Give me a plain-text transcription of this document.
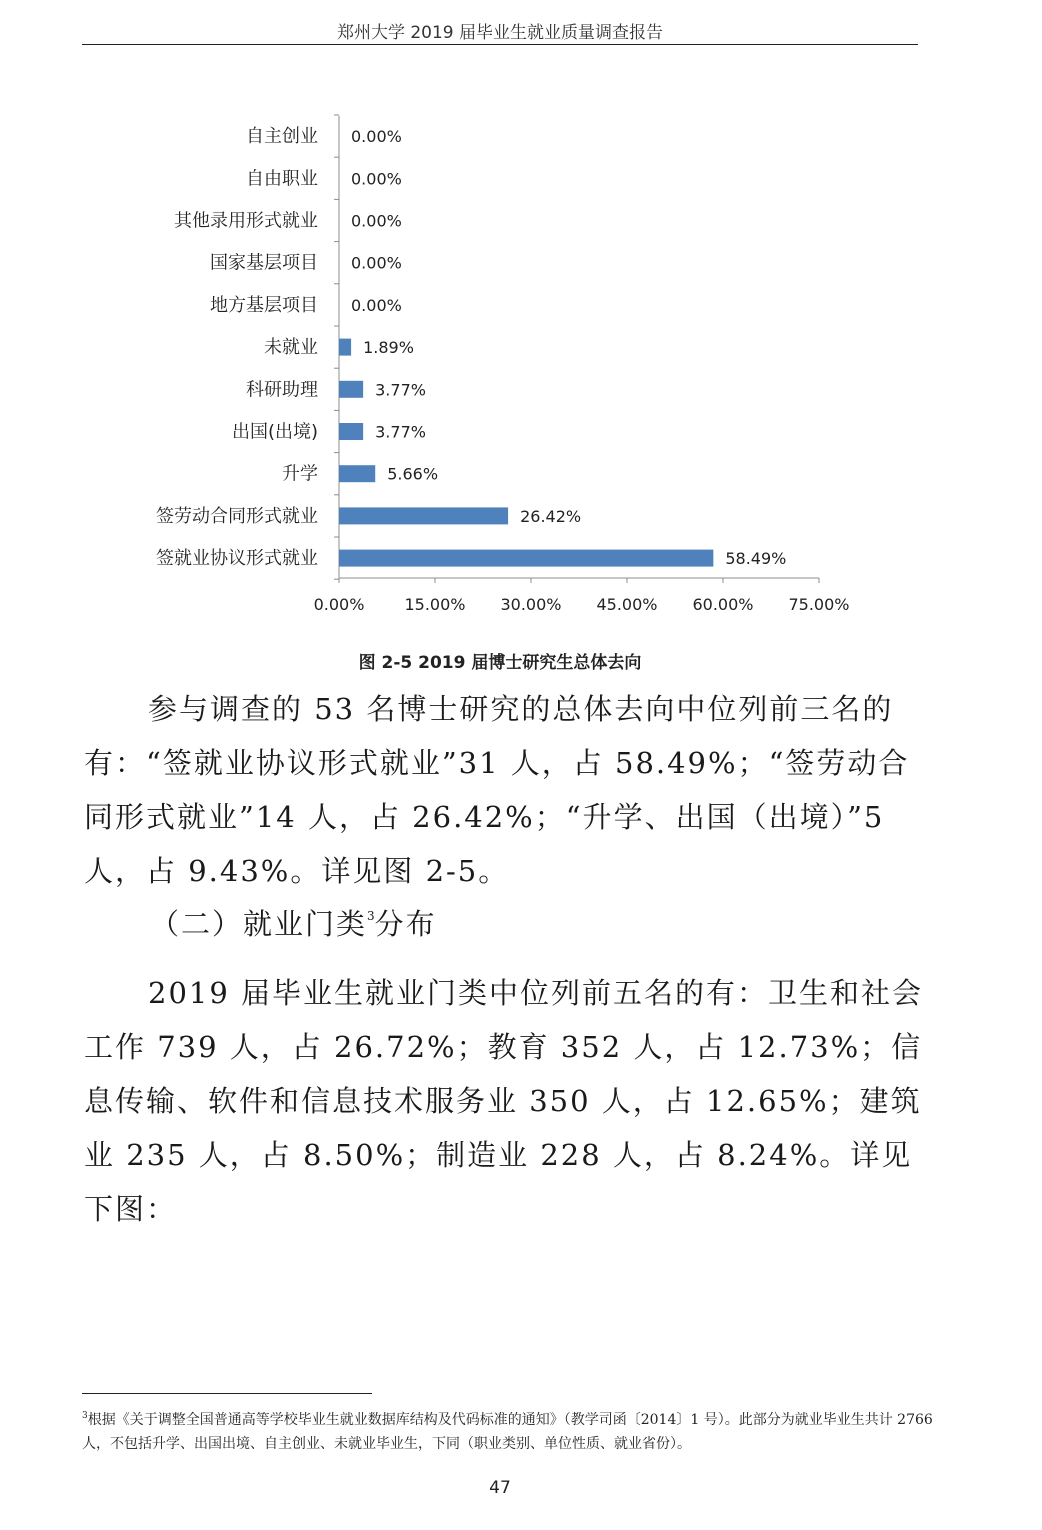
郑州大学 2019 届毕业生就业质量调查报告
0.00%	15.00% 30.00% 45.00% 60.00% 75.00%
自主创业 0.00%
自由职业 0.00%
其他录用形式就业 0.00%
国家基层项目 0.00%
地方基层项目 0.00%
未就业	1.89%
科研助理	3.77%
出国(出境)	3.77%
升学	5.66%
签劳动合同形式就业	26.42%
签就业协议形式就业	58.49%
图 2-5 2019 届博士研究生总体去向

参与调查的 53 名博士研究的总体去向中位列前三名的有：“签就业协议形式就业”31 人，占 58.49%；“签劳动合同形式就业”14 人，占 26.42%；“升学、出国（出境）”5 人，占 9.43%。详见图 2-5。

（二）就业门类$^3$分布

2019 届毕业生就业门类中位列前五名的有：卫生和社会工作 739 人，占 26.72%；教育 352 人，占 12.73%；信息传输、软件和信息技术服务业 350 人，占 12.65%；建筑业 235 人，占 8.50%；制造业 228 人，占 8.24%。详见下图：

$^3$根据《关于调整全国普通高等学校毕业生就业数据库结构及代码标准的通知》（教学司函〔2014〕1 号）。此部分为就业毕业生共计 2766 人，不包括升学、出国出境、自主创业、未就业毕业生，下同（职业类别、单位性质、就业省份）。
47
